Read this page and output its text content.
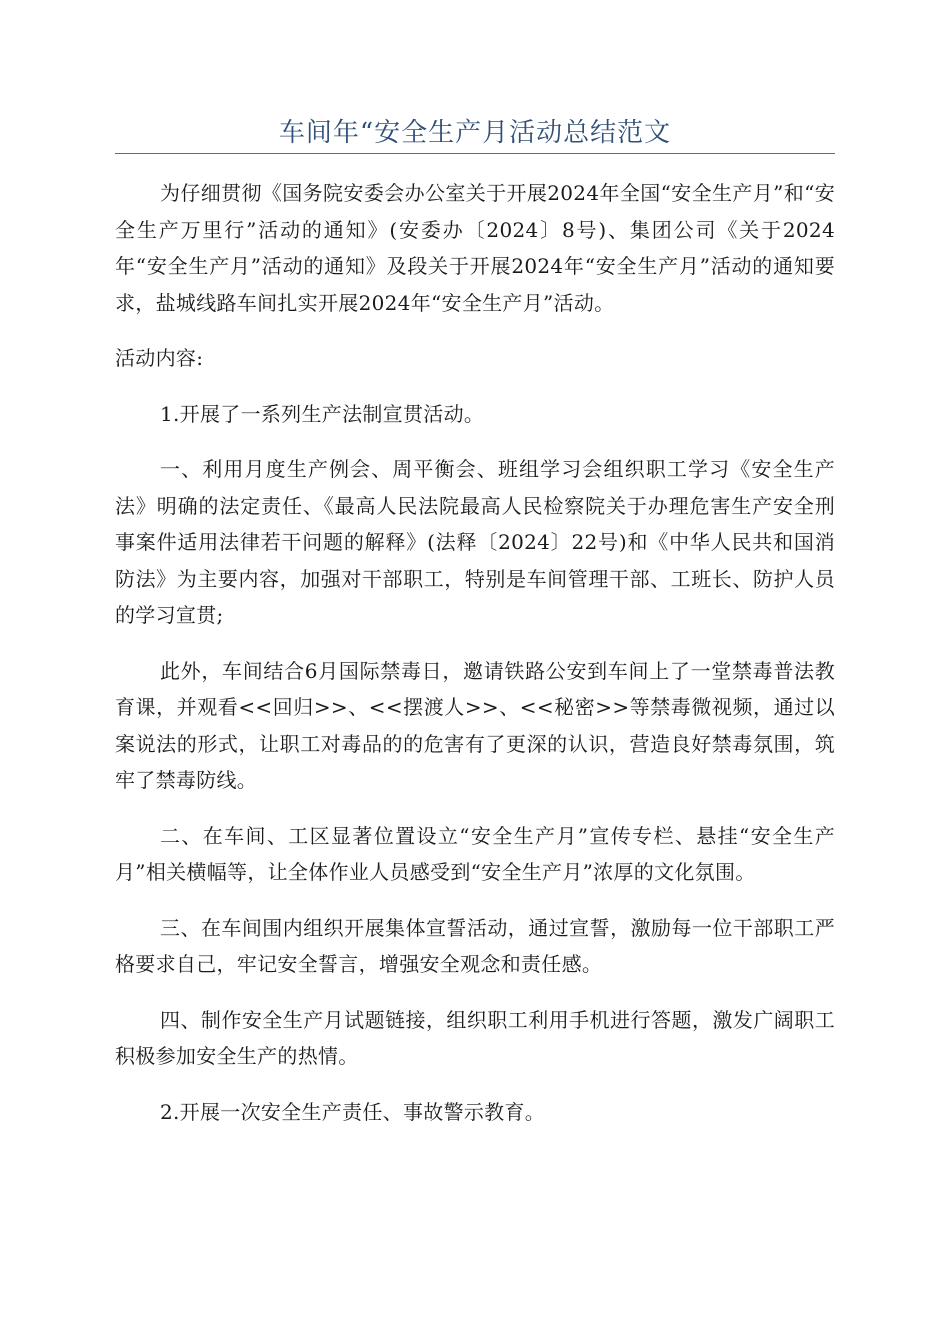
车间年“安全生产月活动总结范文

为仔细贯彻《国务院安委会办公室关于开展2024年全国“安全生产月”和“安全生产万里行”活动的通知》(安委办〔2024〕8号)、集团公司《关于2024年“安全生产月”活动的通知》及段关于开展2024年“安全生产月”活动的通知要求，盐城线路车间扎实开展2024年“安全生产月”活动。

活动内容:

1.开展了一系列生产法制宣贯活动。

一、利用月度生产例会、周平衡会、班组学习会组织职工学习《安全生产法》明确的法定责任、《最高人民法院最高人民检察院关于办理危害生产安全刑事案件适用法律若干问题的解释》(法释〔2024〕22号)和《中华人民共和国消防法》为主要内容，加强对干部职工，特别是车间管理干部、工班长、防护人员的学习宣贯;

此外，车间结合6月国际禁毒日，邀请铁路公安到车间上了一堂禁毒普法教育课，并观看<<回归>>、<<摆渡人>>、<<秘密>>等禁毒微视频，通过以案说法的形式，让职工对毒品的的危害有了更深的认识，营造良好禁毒氛围，筑牢了禁毒防线。

二、在车间、工区显著位置设立“安全生产月”宣传专栏、悬挂“安全生产月”相关横幅等，让全体作业人员感受到“安全生产月”浓厚的文化氛围。

三、在车间围内组织开展集体宣誓活动，通过宣誓，激励每一位干部职工严格要求自己，牢记安全誓言，增强安全观念和责任感。

四、制作安全生产月试题链接，组织职工利用手机进行答题，激发广阔职工积极参加安全生产的热情。

2.开展一次安全生产责任、事故警示教育。
